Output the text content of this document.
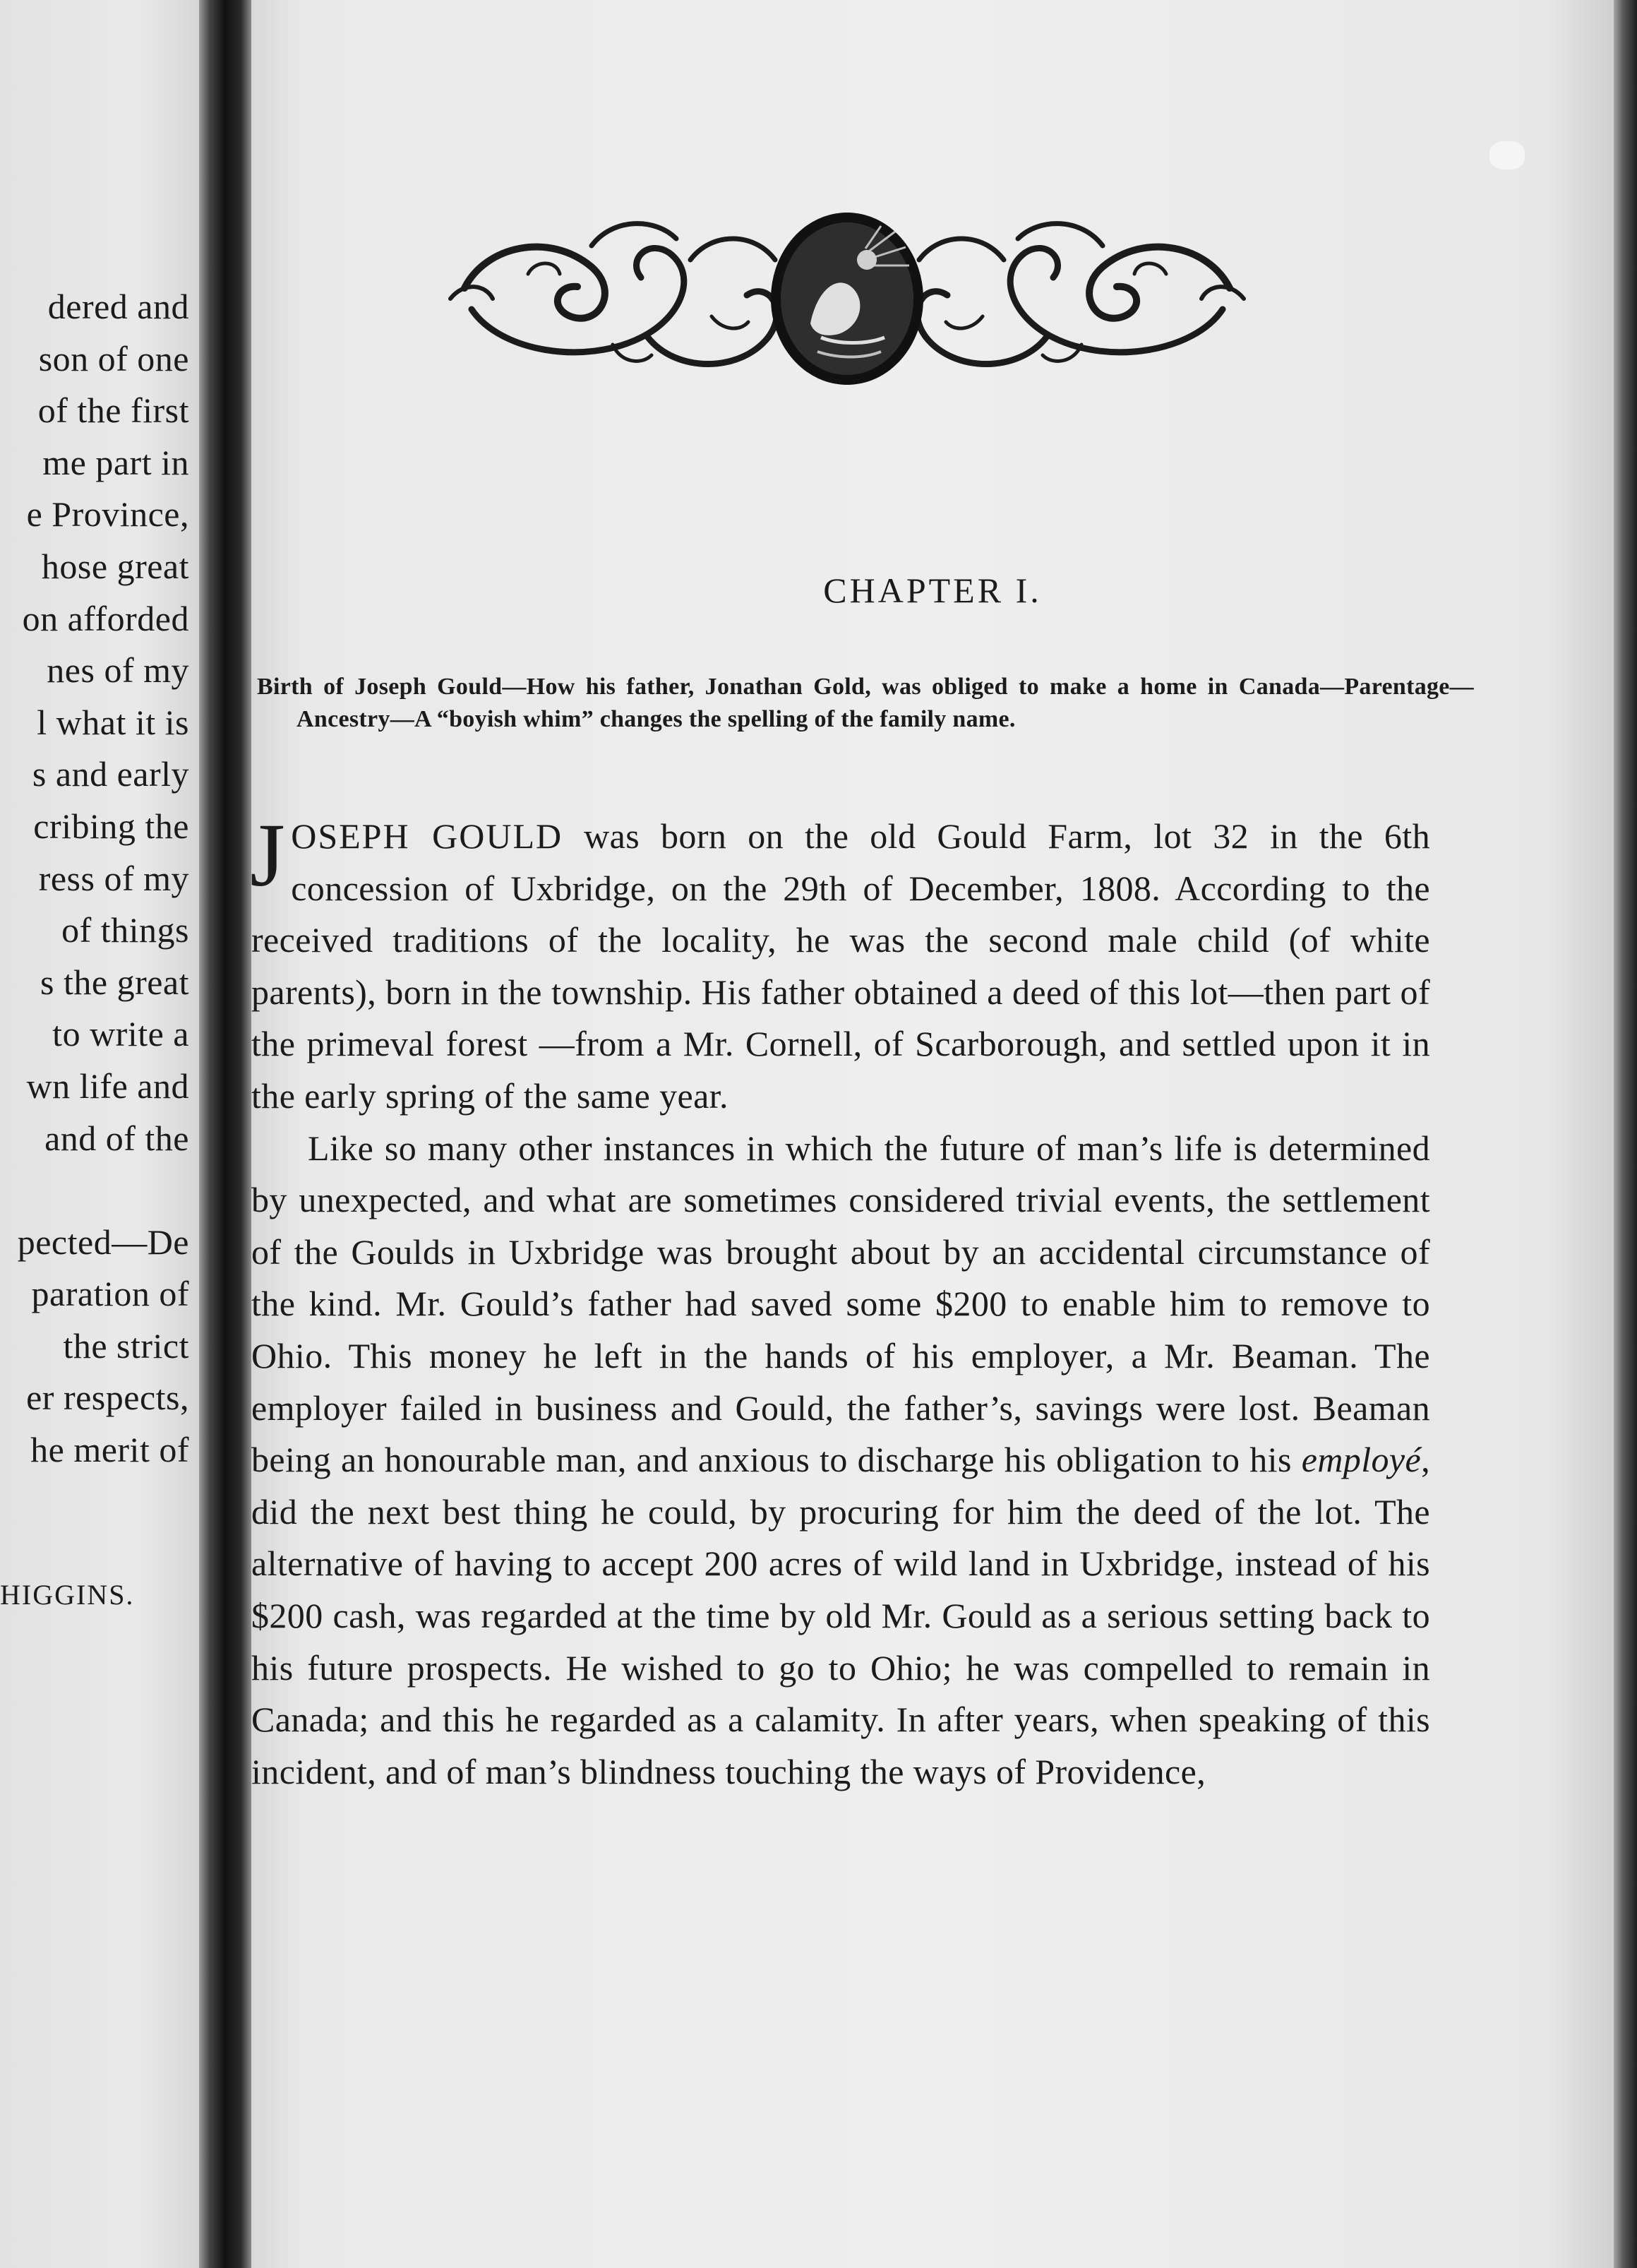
dered and
son of one
of the first
me part in
e Province,
hose great
on afforded
nes of my
l what it is
s and early
cribing the
ress of my
of things
s the great
to write a
wn life and
and of the
pected—De
paration of
the strict
er respects,
he merit of
HIGGINS.
CHAPTER I.
Birth of Joseph Gould—How his father, Jonathan Gold, was obliged to make a home in Canada—Parentage—Ancestry—A “boyish whim” changes the spelling of the family name.

JOSEPH GOULD was born on the old Gould Farm, lot 32 in the 6th concession of Uxbridge, on the 29th of December, 1808. According to the received traditions of the locality, he was the second male child (of white parents), born in the township. His father obtained a deed of this lot—then part of the primeval forest —from a Mr. Cornell, of Scarborough, and settled upon it in the early spring of the same year.

Like so many other instances in which the future of man’s life is determined by unexpected, and what are sometimes considered trivial events, the settlement of the Goulds in Uxbridge was brought about by an accidental circumstance of the kind. Mr. Gould’s father had saved some $200 to enable him to remove to Ohio. This money he left in the hands of his employer, a Mr. Beaman. The employer failed in business and Gould, the father’s, savings were lost. Beaman being an honourable man, and anxious to discharge his obligation to his employé, did the next best thing he could, by procuring for him the deed of the lot. The alternative of having to accept 200 acres of wild land in Uxbridge, instead of his $200 cash, was regarded at the time by old Mr. Gould as a serious setting back to his future prospects. He wished to go to Ohio; he was compelled to remain in Canada; and this he regarded as a calamity. In after years, when speaking of this incident, and of man’s blindness touching the ways of Providence,
